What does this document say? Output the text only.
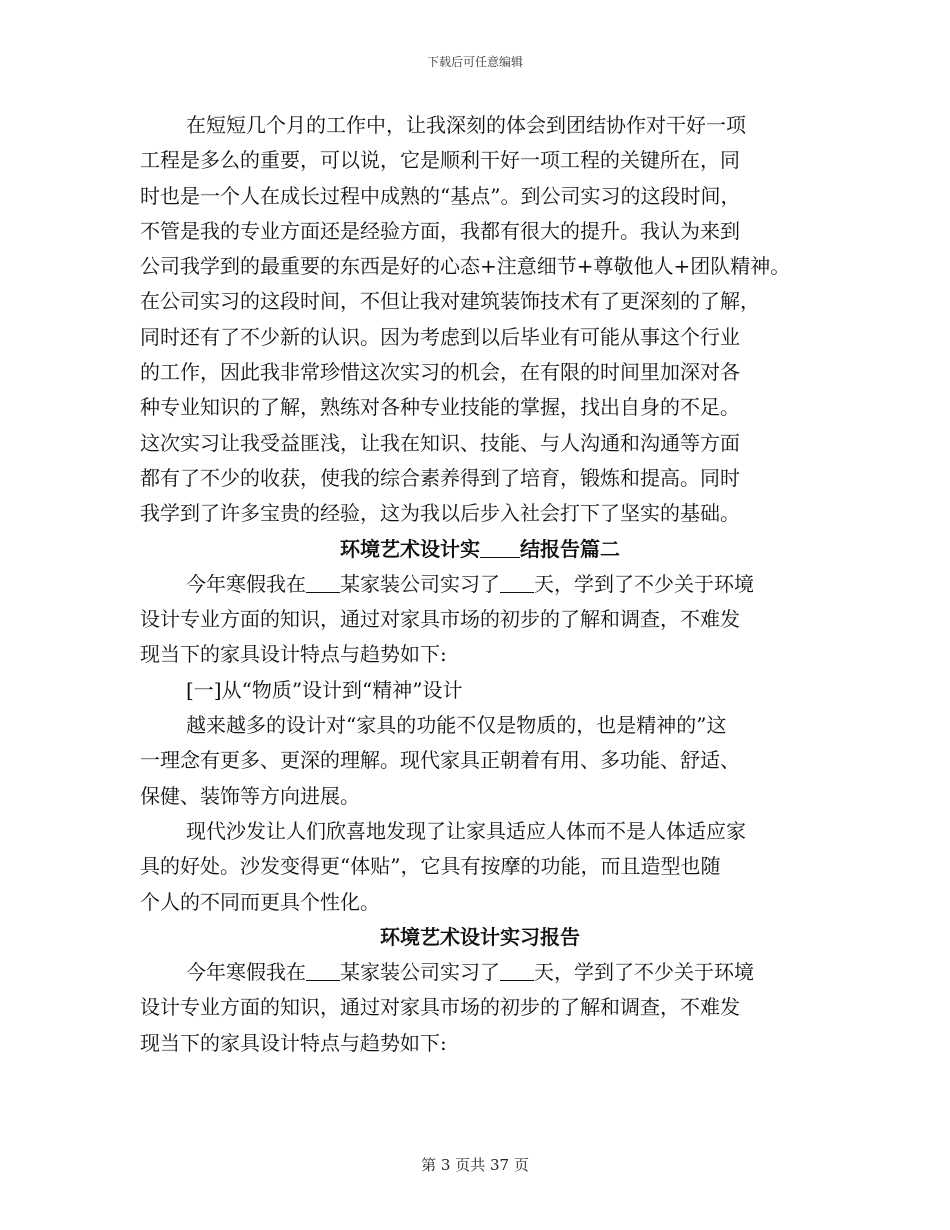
下载后可任意编辑
在短短几个月的工作中，让我深刻的体会到团结协作对干好一项
工程是多么的重要，可以说，它是顺利干好一项工程的关键所在，同
时也是一个人在成长过程中成熟的“基点”。到公司实习的这段时间，
不管是我的专业方面还是经验方面，我都有很大的提升。我认为来到
公司我学到的最重要的东西是好的心态+注意细节+尊敬他人+团队精神。
在公司实习的这段时间，不但让我对建筑装饰技术有了更深刻的了解，
同时还有了不少新的认识。因为考虑到以后毕业有可能从事这个行业
的工作，因此我非常珍惜这次实习的机会，在有限的时间里加深对各
种专业知识的了解，熟练对各种专业技能的掌握，找出自身的不足。
这次实习让我受益匪浅，让我在知识、技能、与人沟通和沟通等方面
都有了不少的收获，使我的综合素养得到了培育，锻炼和提高。同时
我学到了许多宝贵的经验，这为我以后步入社会打下了坚实的基础。
环境艺术设计实 结报告篇二
今年寒假我在 某家装公司实习了 天，学到了不少关于环境
设计专业方面的知识，通过对家具市场的初步的了解和调查，不难发
现当下的家具设计特点与趋势如下:
[一]从“物质”设计到“精神”设计
越来越多的设计对“家具的功能不仅是物质的，也是精神的”这
一理念有更多、更深的理解。现代家具正朝着有用、多功能、舒适、
保健、装饰等方向进展。
现代沙发让人们欣喜地发现了让家具适应人体而不是人体适应家
具的好处。沙发变得更“体贴”，它具有按摩的功能，而且造型也随
个人的不同而更具个性化。
环境艺术设计实习报告
今年寒假我在 某家装公司实习了 天，学到了不少关于环境
设计专业方面的知识，通过对家具市场的初步的了解和调查，不难发
现当下的家具设计特点与趋势如下:
第 3 页共 37 页
